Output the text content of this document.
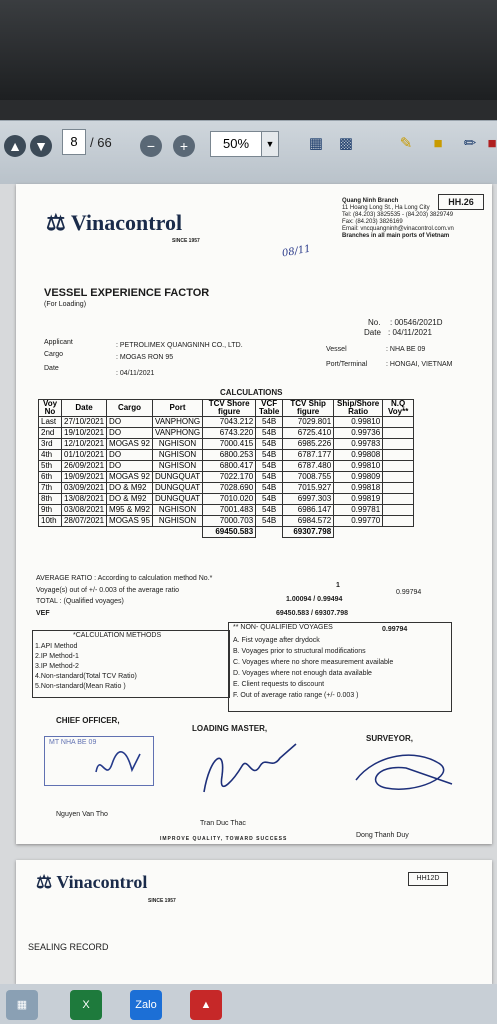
▲ ▼	8 / 66	−	+	50%	▼	▦ ▩	✎	■	✏ ■
⚖ Vinacontrol
SINCE 1957
HH.26
Quang Ninh Branch
11 Hoang Long St., Ha Long City
Tel: (84.203) 3825535 - (84.203) 3829749
Fax: (84.203) 3826169
Email: vncquangninh@vinacontrol.com.vn
Branches in all main ports of Vietnam
08/11
VESSEL EXPERIENCE FACTOR
(For Loading)
No. : 00546/2021D
Date : 04/11/2021
Applicant	: PETROLIMEX QUANGNINH CO., LTD.
Cargo	: MOGAS RON 95
Date
: 04/11/2021
Vessel	: NHA BE 09
Port/Terminal	: HONGAI, VIETNAM
CALCULATIONS
Voy No	Date	Cargo	Port	TCV Shore figure	VCF Table	TCV Ship figure	Ship/Shore Ratio	N.Q Voy**
Last	27/10/2021	DO	VANPHONG	7043.212	54B	7029.801	0.99810	
2nd	19/10/2021	DO	VANPHONG	6743.220	54B	6725.410	0.99736	
3rd	12/10/2021	MOGAS 92	NGHISON	7000.415	54B	6985.226	0.99783	
4th	01/10/2021	DO	NGHISON	6800.253	54B	6787.177	0.99808	
5th	26/09/2021	DO	NGHISON	6800.417	54B	6787.480	0.99810	
6th	19/09/2021	MOGAS 92	DUNGQUAT	7022.170	54B	7008.755	0.99809	
7th	03/09/2021	DO & M92	DUNGQUAT	7028.690	54B	7015.927	0.99818	
8th	13/08/2021	DO & M92	DUNGQUAT	7010.020	54B	6997.303	0.99819	
9th	03/08/2021	M95 & M92	NGHISON	7001.483	54B	6986.147	0.99781	
10th	28/07/2021	MOGAS 95	NGHISON	7000.703	54B	6984.572	0.99770	
				69450.583		69307.798		
AVERAGE RATIO : According to calculation method No.*
1
0.99794
Voyage(s) out of +/- 0.003 of the average ratio
1.00094 / 0.99494
TOTAL : (Qualified voyages)
69450.583 / 69307.798
VEF
0.99794
*CALCULATION METHODS
1.API Method
2.IP Method-1
3.IP Method-2
4.Non-standard(Total TCV Ratio)
5.Non-standard(Mean Ratio )
** NON- QUALIFIED VOYAGES
A. Fist voyage after drydock
B. Voyages prior to structural modifications
C. Voyages where no shore measurement available
D. Voyages where not enough data available
E. Client requests to discount
F. Out of average ratio range (+/- 0.003 )
CHIEF OFFICER,
LOADING MASTER,
SURVEYOR,
MT NHA BE 09
Nguyen Van Tho
Tran Duc Thac
Dong Thanh Duy
IMPROVE QUALITY, TOWARD SUCCESS
⚖ Vinacontrol
SINCE 1957
HH12D
SEALING RECORD
▦	X	Zalo	▲
